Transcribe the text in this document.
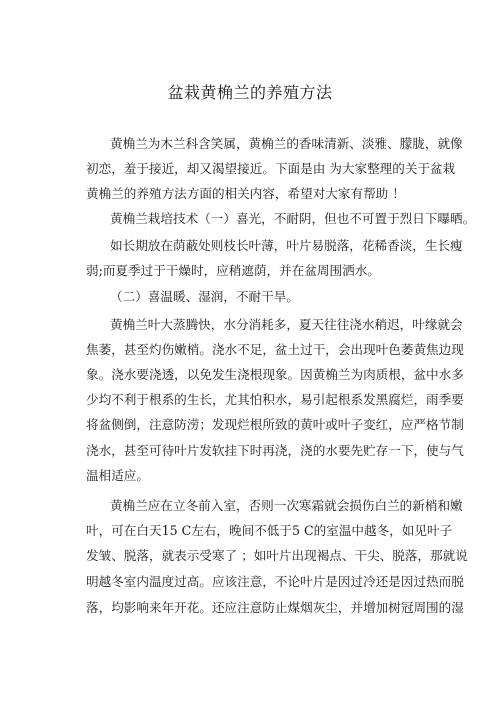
盆栽黄桷兰的养殖方法
黄桷兰为木兰科含笑属，黄桷兰的香味清新、淡雅、朦胧，就像
初恋，羞于接近，却又渴望接近。下面是由 为大家整理的关于盆栽
黄桷兰的养殖方法方面的相关内容，希望对大家有帮助 ！
黄桷兰栽培技术（一）喜光，不耐阴，但也不可置于烈日下曝晒。
如长期放在荫蔽处则枝长叶薄，叶片易脱落，花稀香淡，生长瘦
弱;而夏季过于干燥时，应稍遮荫，并在盆周围洒水。
（二）喜温暖、湿润，不耐干旱。
黄桷兰叶大蒸腾快，水分消耗多，夏天往往浇水稍迟，叶缘就会
焦萎，甚至灼伤嫩梢。浇水不足，盆土过干，会出现叶色萎黄焦边现
象。浇水要浇透，以免发生浇根现象。因黄桷兰为肉质根，盆中水多
少均不利于根系的生长，尤其怕积水，易引起根系发黑腐烂，雨季要
将盆侧倒，注意防涝；发现烂根所致的黄叶或叶子变红，应严格节制
浇水，甚至可待叶片发软挂下时再浇，浇的水要先贮存一下，使与气
温相适应。
黄桷兰应在立冬前入室，否则一次寒霜就会损伤白兰的新梢和嫩
叶，可在白天15 C左右，晚间不低于5 C的室温中越冬，如见叶子
发皱、脱落，就表示受寒了 ；如叶片出现褐点、干尖、脱落，那就说
明越冬室内温度过高。应该注意，不论叶片是因过冷还是因过热而脱
落，均影响来年开花。还应注意防止煤烟灰尘，并增加树冠周围的湿
